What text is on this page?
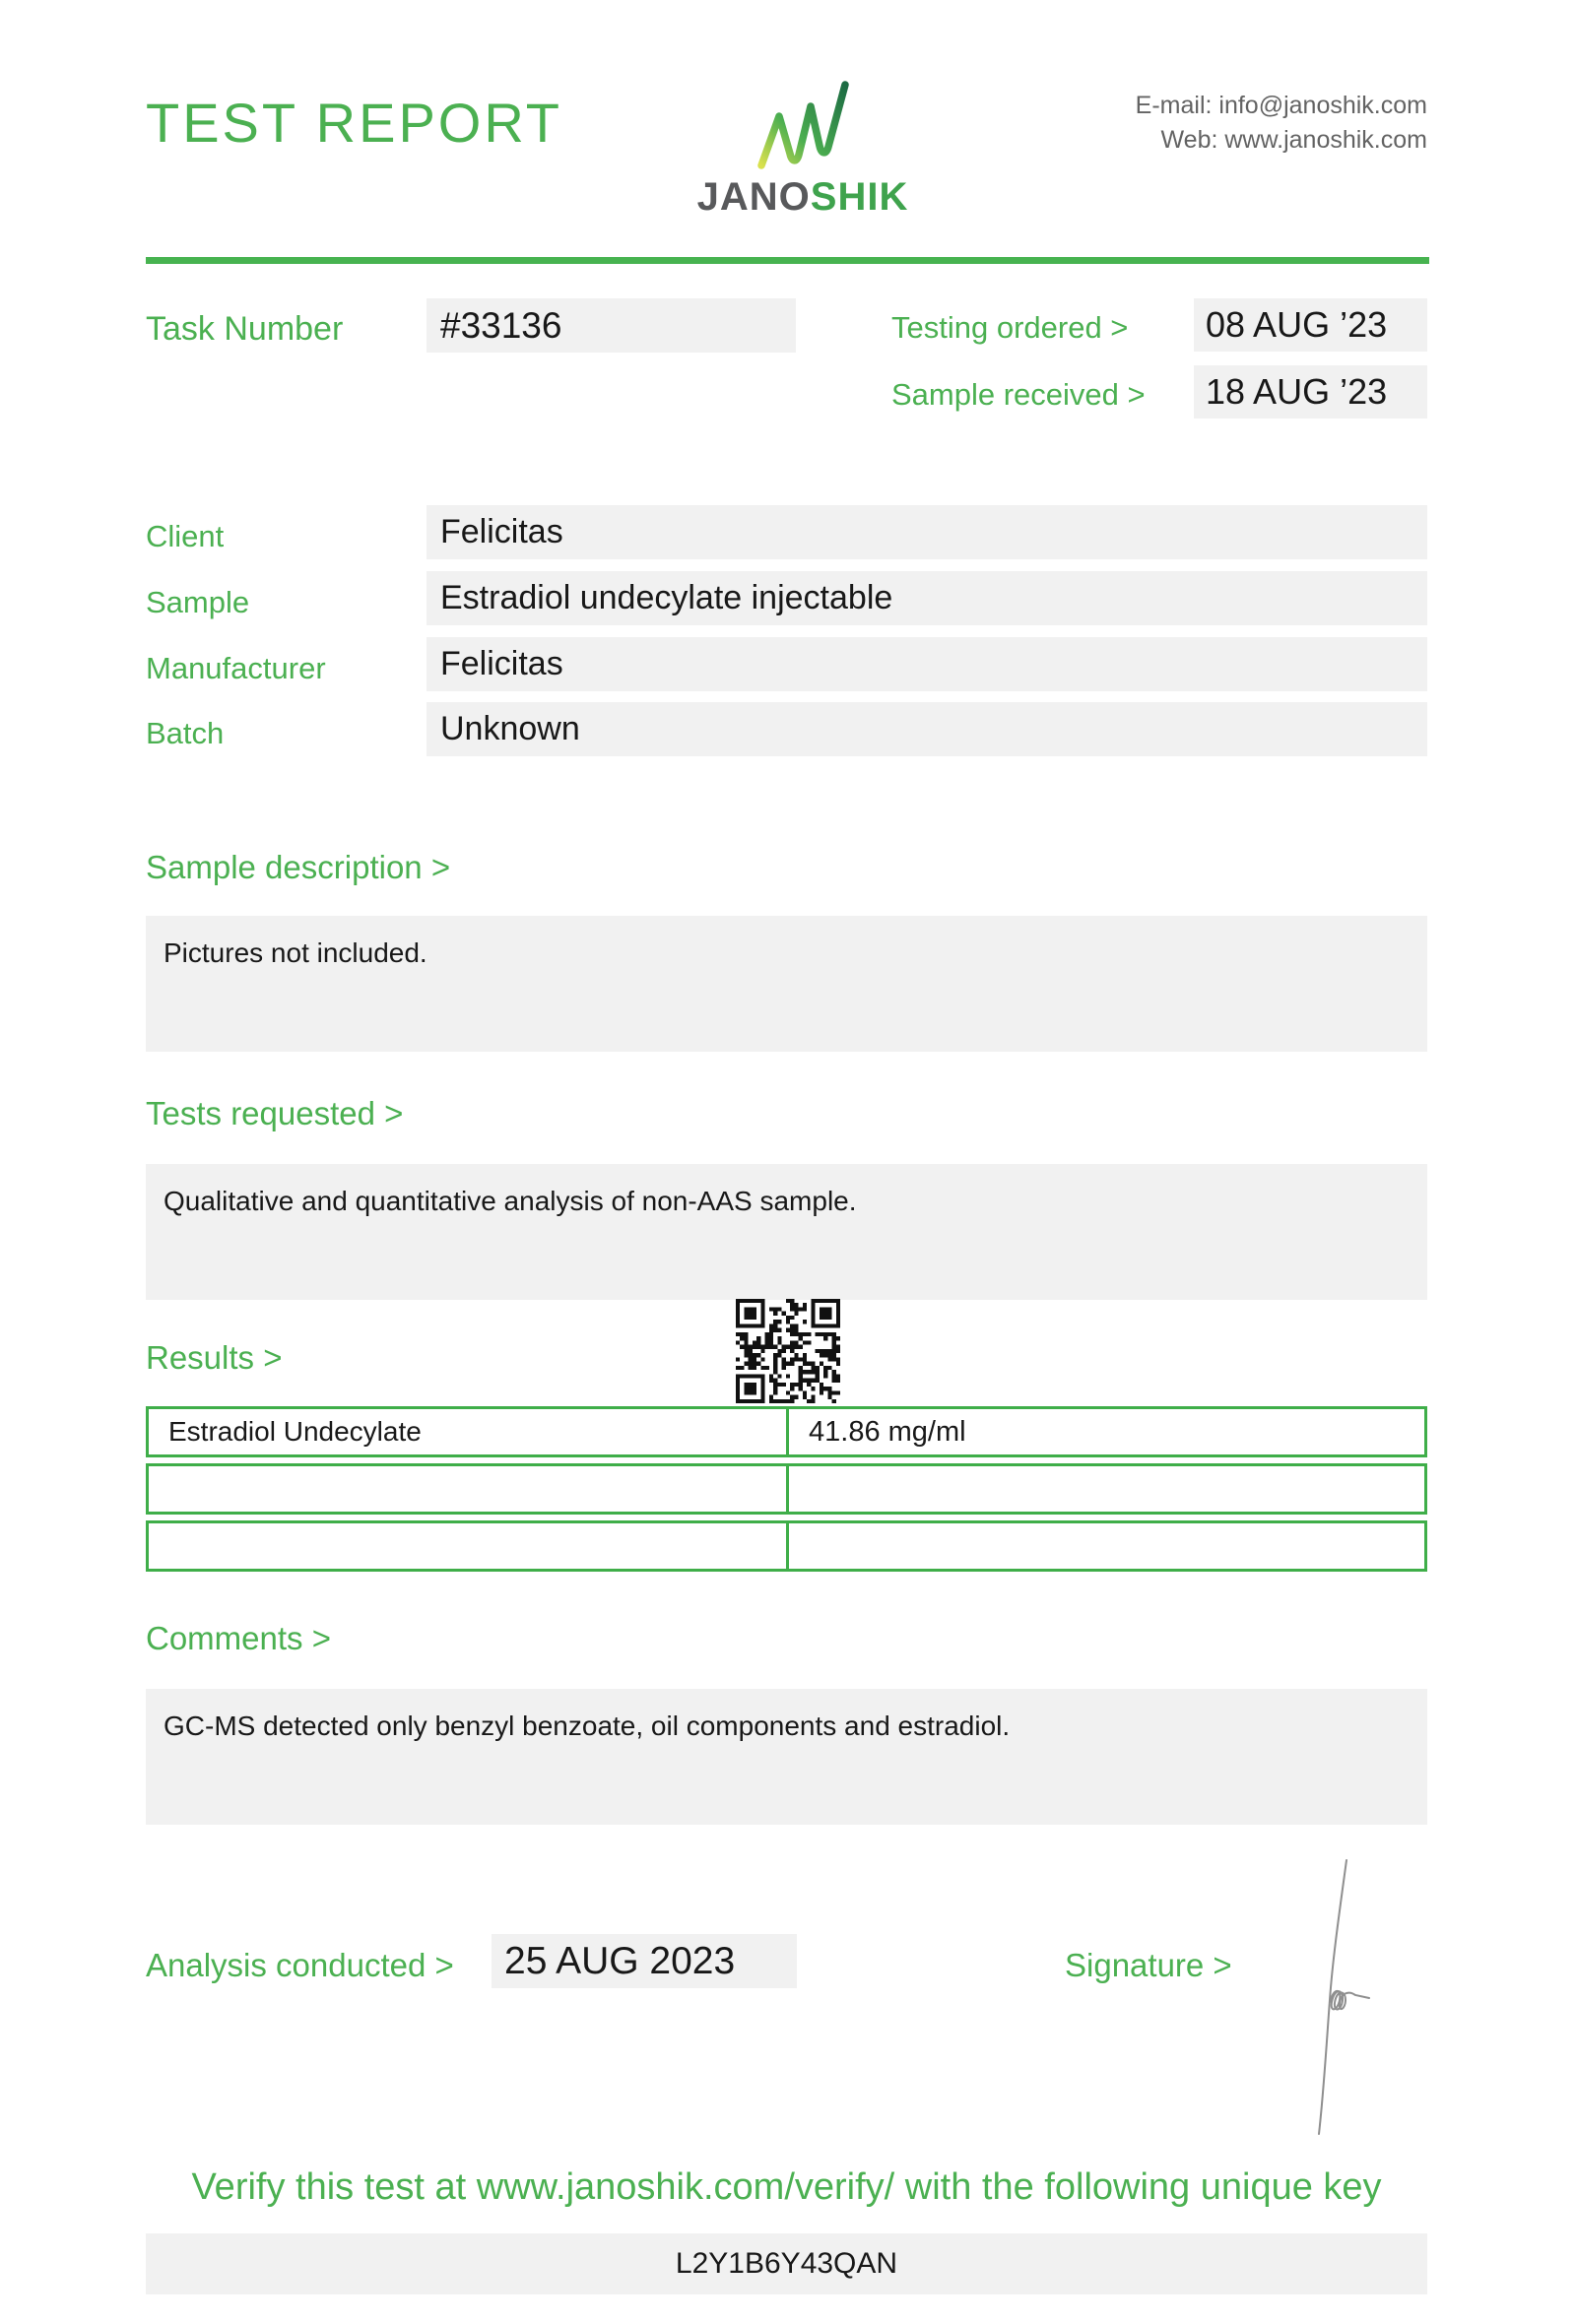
TEST REPORT
JANOSHIK
E-mail: info@janoshik.com
Web: www.janoshik.com
Task Number	#33136	Testing ordered >	08 AUG ’23
Sample received >	18 AUG ’23
Client	Felicitas
Sample	Estradiol undecylate injectable
Manufacturer	Felicitas
Batch	Unknown
Sample description >
Pictures not included.
Tests requested >
Qualitative and quantitative analysis of non-AAS sample.
Results >
Estradiol Undecylate	41.86 mg/ml
Comments >
GC-MS detected only benzyl benzoate, oil components and estradiol.
Analysis conducted >	25 AUG 2023	Signature >
Verify this test at www.janoshik.com/verify/ with the following unique key
L2Y1B6Y43QAN
